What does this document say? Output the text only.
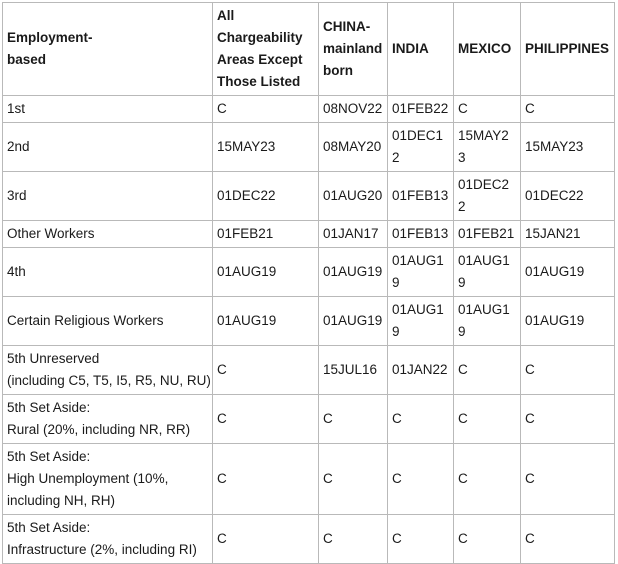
Employment-
based	All
Chargeability
Areas Except
Those Listed	CHINA-
mainland
born	INDIA	MEXICO	PHILIPPINES

1st	C	08NOV22	01FEB22	C	C

2nd	15MAY23	08MAY20	01DEC12	15MAY23	15MAY23

3rd	01DEC22	01AUG20	01FEB13	01DEC22	01DEC22

Other Workers	01FEB21	01JAN17	01FEB13	01FEB21	15JAN21

4th	01AUG19	01AUG19	01AUG19	01AUG19	01AUG19

Certain Religious Workers	01AUG19	01AUG19	01AUG19	01AUG19	01AUG19

5th Unreserved
(including C5, T5, I5, R5, NU, RU)	C	15JUL16	01JAN22	C	C

5th Set Aside:
Rural (20%, including NR, RR)	C	C	C	C	C

5th Set Aside:
High Unemployment (10%,
including NH, RH)	C	C	C	C	C

5th Set Aside:
Infrastructure (2%, including RI)	C	C	C	C	C
